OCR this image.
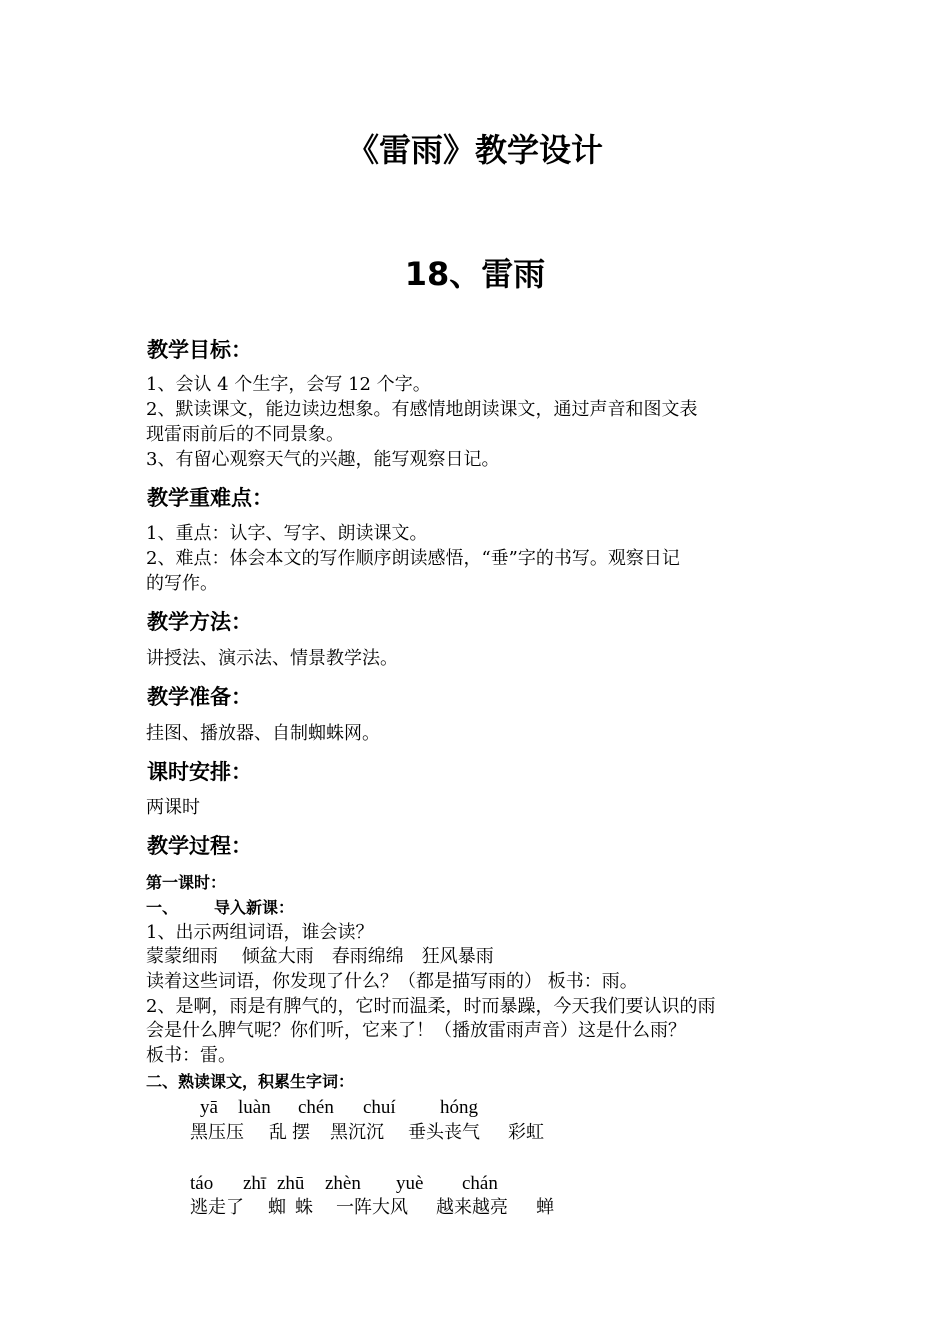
《雷雨》教学设计
18、雷雨
教学目标：
1、会认 4 个生字，会写 12 个字。
2、默读课文，能边读边想象。有感情地朗读课文，通过声音和图文表
现雷雨前后的不同景象。
3、有留心观察天气的兴趣，能写观察日记。
教学重难点：
1、重点：认字、写字、朗读课文。
2、难点：体会本文的写作顺序朗读感悟，“垂”字的书写。观察日记
的写作。
教学方法：
讲授法、演示法、情景教学法。
教学准备：
挂图、播放器、自制蜘蛛网。
课时安排：
两课时
教学过程：
第一课时：
一、 导入新课：
1、出示两组词语，谁会读？
蒙蒙细雨　 倾盆大雨　春雨绵绵　狂风暴雨
读着这些词语，你发现了什么？（都是描写雨的） 板书：雨。
2、是啊，雨是有脾气的，它时而温柔，时而暴躁，今天我们要认识的雨
会是什么脾气呢？你们听，它来了！（播放雷雨声音）这是什么雨？
板书：雷。
二、熟读课文，积累生字词：
yā luàn chén chuí hóng
黑压压 乱 摆 黑沉沉 垂头丧气 彩虹
táo zhī zhū zhèn yuè chán
逃走了 蜘 蛛 一阵大风 越来越亮 蝉
